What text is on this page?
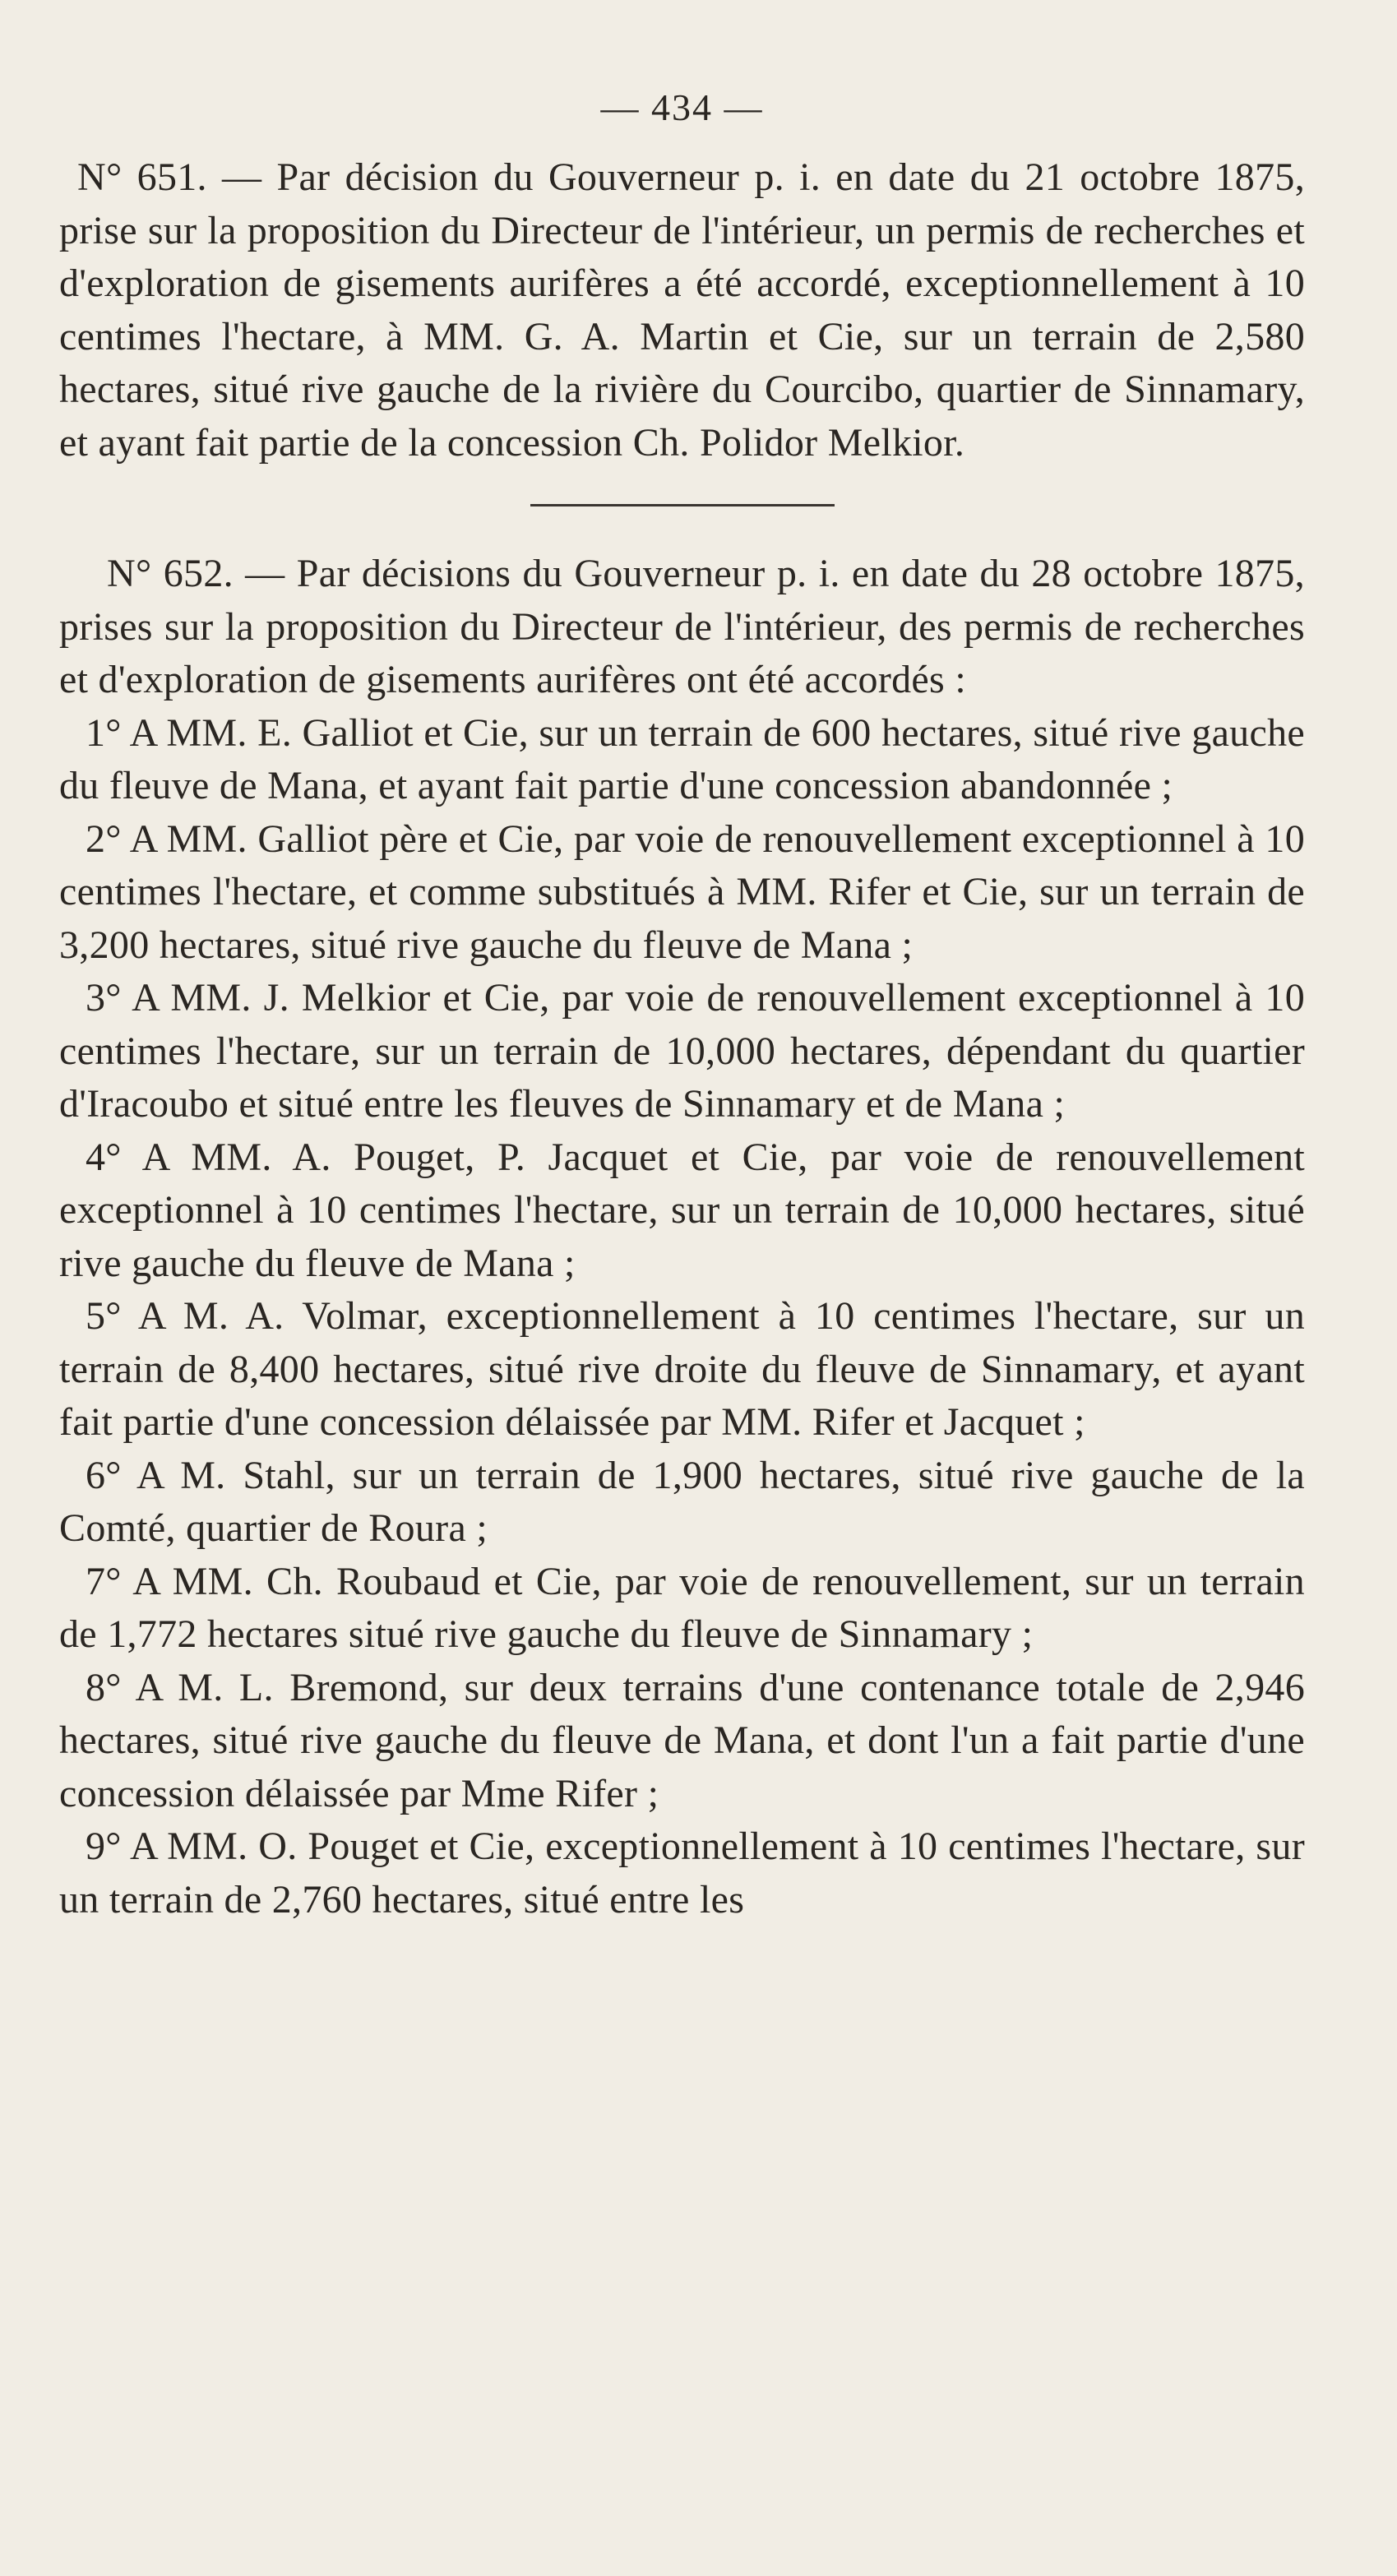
— 434 —

N° 651. — Par décision du Gouverneur p. i. en date du 21 octobre 1875, prise sur la proposition du Directeur de l'intérieur, un permis de recherches et d'exploration de gisements aurifères a été accordé, exceptionnellement à 10 centimes l'hectare, à MM. G. A. Martin et Cie, sur un terrain de 2,580 hectares, situé rive gauche de la rivière du Courcibo, quartier de Sinnamary, et ayant fait partie de la concession Ch. Polidor Melkior.

N° 652. — Par décisions du Gouverneur p. i. en date du 28 octobre 1875, prises sur la proposition du Directeur de l'intérieur, des permis de recherches et d'exploration de gisements aurifères ont été accordés :

1° A MM. E. Galliot et Cie, sur un terrain de 600 hectares, situé rive gauche du fleuve de Mana, et ayant fait partie d'une concession abandonnée ;

2° A MM. Galliot père et Cie, par voie de renouvellement exceptionnel à 10 centimes l'hectare, et comme substitués à MM. Rifer et Cie, sur un terrain de 3,200 hectares, situé rive gauche du fleuve de Mana ;

3° A MM. J. Melkior et Cie, par voie de renouvellement exceptionnel à 10 centimes l'hectare, sur un terrain de 10,000 hectares, dépendant du quartier d'Iracoubo et situé entre les fleuves de Sinnamary et de Mana ;

4° A MM. A. Pouget, P. Jacquet et Cie, par voie de renouvellement exceptionnel à 10 centimes l'hectare, sur un terrain de 10,000 hectares, situé rive gauche du fleuve de Mana ;

5° A M. A. Volmar, exceptionnellement à 10 centimes l'hectare, sur un terrain de 8,400 hectares, situé rive droite du fleuve de Sinnamary, et ayant fait partie d'une concession délaissée par MM. Rifer et Jacquet ;

6° A M. Stahl, sur un terrain de 1,900 hectares, situé rive gauche de la Comté, quartier de Roura ;

7° A MM. Ch. Roubaud et Cie, par voie de renouvellement, sur un terrain de 1,772 hectares situé rive gauche du fleuve de Sinnamary ;

8° A M. L. Bremond, sur deux terrains d'une contenance totale de 2,946 hectares, situé rive gauche du fleuve de Mana, et dont l'un a fait partie d'une concession délaissée par Mme Rifer ;

9° A MM. O. Pouget et Cie, exceptionnellement à 10 centimes l'hectare, sur un terrain de 2,760 hectares, situé entre les
